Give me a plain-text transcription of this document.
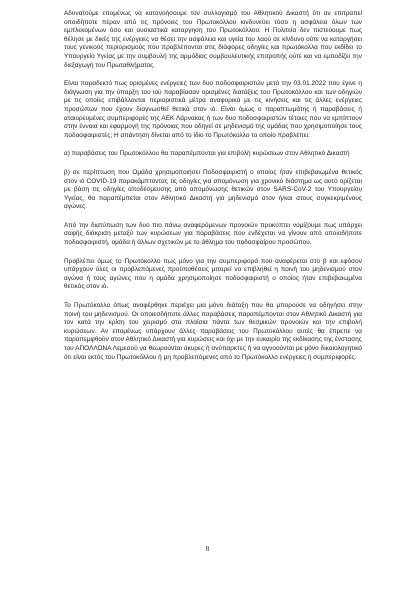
Αδυνατούμε επομένως να κατανοήσουμε τον συλλογισμό του Αθλητικού Δικαστή ότι αν επιτραπεί οποιδήποτε πέραν από τις πρόνοιες του Πρωτοκόλλου κινδυνεύει τόσο η ασφάλεια όλων των εμπλεκομένων όσο και ουσιαστικά καταργηση του Πρωτοκόλλου. Η Πολιτεία δεν πιστεύουμε πως θέλησε με δικές της ενέργειες να θέσει την ασφάλεια και υγεία του λαού σε κίνδυνο ούτε να καταργήσει τους γενικούς περιορισμούς που προβλέπονται στις διάφορες οδηγίες και πρωτόκολλα που εκδίδει το Υπουργείο Υγείας με την συμβουλή της αρμόδιας συμβουλευτικής επιτροπής ούτε και να εμποδίζει την διεξαγωγή του Πρωταθλήματος.

Είναι παραδεκτό πως ορισμένες ενέργειες των δυο ποδοσφαιριστών μετά την 03.01.2022 που έγινε η διάγνωση για την ύπαρξη του ιού παραβίασαν ορισμένες διατάξεις του Πρωτοκόλλου και των οδηγιών με τις οποίες επιβάλλονται περιοριστικά μέτρα αναφορικά με τις κινήσεις και τις άλλες ενέργειες προσώπων που έχουν διαγνωσθεί θετικά στον ιό. Είναι όμως ο παραπτωμάτης ή παραβάσεις ή αταιορευμένες συμπεριφορές της ΑΕΚ Λάρνακας ή των δυο ποδοσφαιριστών τέτοιες που να εμπίπτουν στην έννοια και εφαρμογή της πρόνοιας που οδηγεί σε μηδενισμό της ομάδας που χρησιμοποίησε τους ποδοσφαιριστές; Η απάντηση δίνεται από το ίδιο το Πρωτόκολλο το οποίο προβλέπει:

α) παραβάσεις του Πρωτοκόλλου θα παραπέμπονται για επιβολή κυρώσεων στον Αθλητικό Δικαστή

β) σε περίπτωση που Ομάδα χρησιμοποιήσει Ποδοσφαιριστή ο οποίος ήταν επιβεβαιωμένα θετικός στον ιό COVID-19 παρακάμπτοντας τις οδηγίες για απομόνωση για χρονικό διάστημα ως αυτό ορίζεται με βάση τις οδηγίες αποδέσμευσης από απομόνωσης θετικών στον SARS-CoV-2 του Υπουργείου Υγείας, θα παραπέμπεται στον Αθλητικό Δικαστή για μηδενισμό στον ή/και στους συγκεκριμένους αγώνες.

Από την διατύπωση των δυο πιο πάνω αναφερόμενων προνοιών προκύπτει νομίζουμε πως υπάρχει σαφής διάκριση μεταξύ των κυρώσεων για παραβάσεις που ενδέχεται να γίνουν από οποιοδήποτε ποδοσφαιριστή, ομάδα ή άλλων σχετικών με το άθλημα του ποδοσφαίρου προσώπου.

Προβλέπει όμως το Πρωτόκολλο πως μόνο για την συμπεριφορά που αναφέρεται στο β και εφόσον υπάρχουν όλες οι προβλεπόμενες προϋποθέσεις μπορεί να επιβληθεί η ποινή του μηδενισμού στον αγώνα ή τους αγώνες που η ομάδα χρησιμοποίησε ποδοσφαιριστή ο οποίος ήταν επιβεβαιωμένα θετικός στον ιό.

Το Πρωτόκολλο όπως αναφέρθηκε περιέχει μια μόνο διάταξη που θα μπορούσε να οδηγήσει στην ποινή του μηδενισμού. Οι οποιεσδήποτε άλλες παραβάσεις παραπέμπονται στον Αθλητικό Δικαστή για τον κατά την κρίση του χειρισμό στα πλαίσια πάντα των θεσμικών προνοιών και την επιβολή κυρώσεων. Αν επομένως υπάρχουν άλλες παραβάσεις του Πρωτοκόλλου αυτές θα έπρεπε να παραπεμφθούν στον Αθλητικό Δικαστή για κυρώσεις και όχι με την ευκαιρία της εκδίκασης της ένστασης του ΑΠΟΛΛΩΝΑ Λεμεσού να θεωρούνται άκυρες ή ανύπαρκτες ή να αγνοούνται με μόνο δικαιολογητικό ότι είναι εκτός του Πρωτοκόλλου ή μη προβλεπόμενες από το Πρωτόκολλο ενέργειες ή συμπεριφορές.

8
